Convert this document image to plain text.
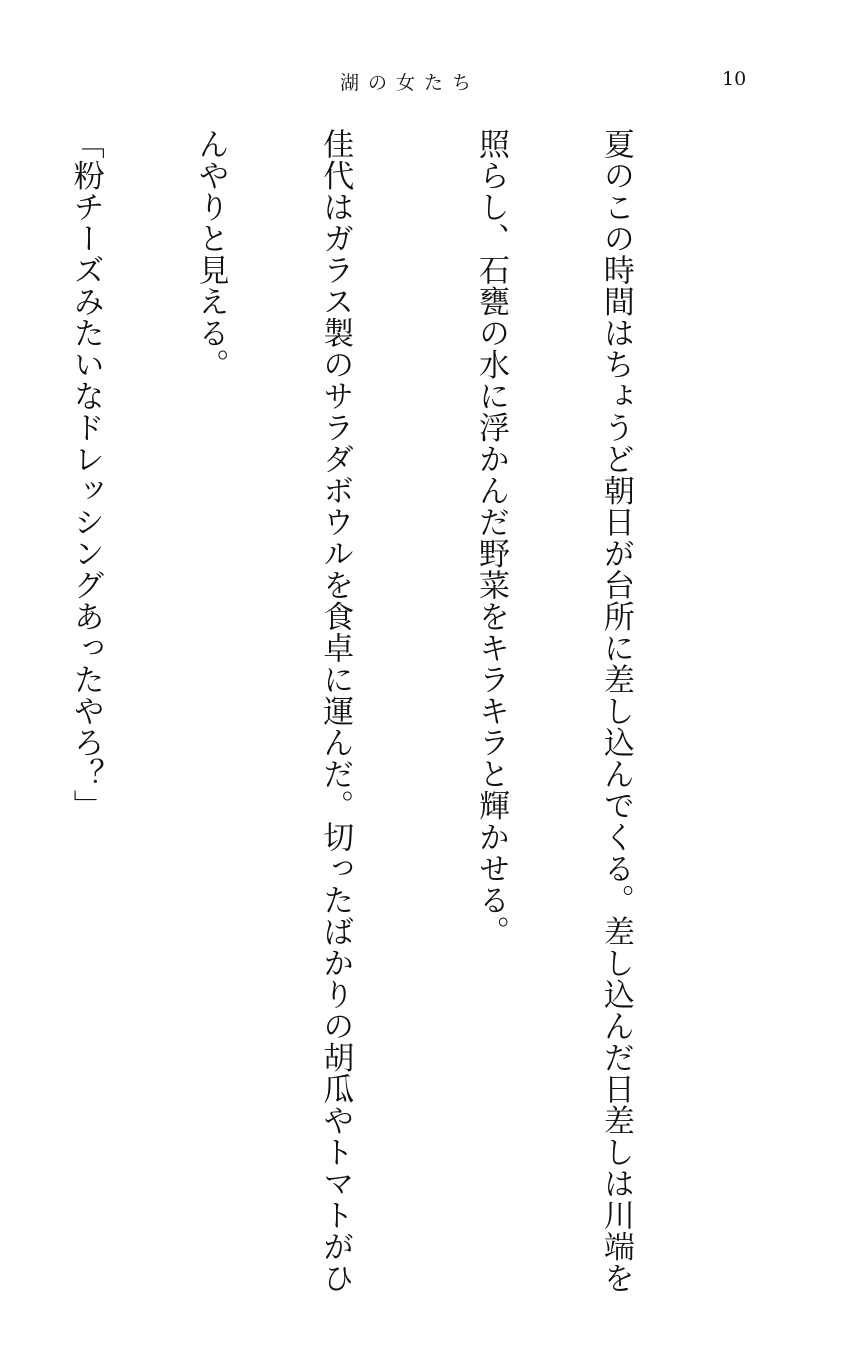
湖の女たち	10

夏のこの時間はちょうど朝日が台所に差し込んでくる。差し込んだ日差しは川端を

照らし、石甕の水に浮かんだ野菜をキラキラと輝かせる。

佳代はガラス製のサラダボウルを食卓に運んだ。切ったばかりの胡瓜やトマトがひ

んやりと見える。

「粉チーズみたいなドレッシングあったやろ？」
